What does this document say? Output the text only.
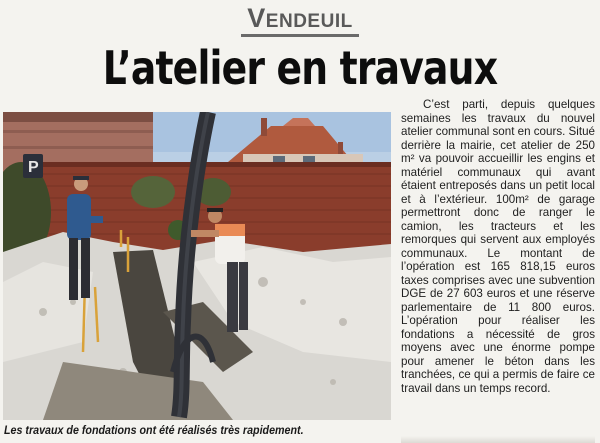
Vendeuil
L’atelier en travaux
P
Les travaux de fondations ont été réalisés très rapidement.

C’est parti, depuis quelques semaines les travaux du nouvel atelier communal sont en cours. Situé derrière la mairie, cet atelier de 250 m² va pouvoir accueillir les engins et matériel communaux qui avant étaient entreposés dans un petit local et à l’extérieur. 100m² de garage permettront donc de ranger le camion, les tracteurs et les remorques qui servent aux employés communaux. Le montant de l’opération est 165 818,15 euros taxes comprises avec une subvention DGE de 27 603 euros et une réserve parlementaire de 11 800 euros. L’opération pour réaliser les fondations a nécessité de gros moyens avec une énorme pompe pour amener le béton dans les tranchées, ce qui a permis de faire ce travail dans un temps record.
